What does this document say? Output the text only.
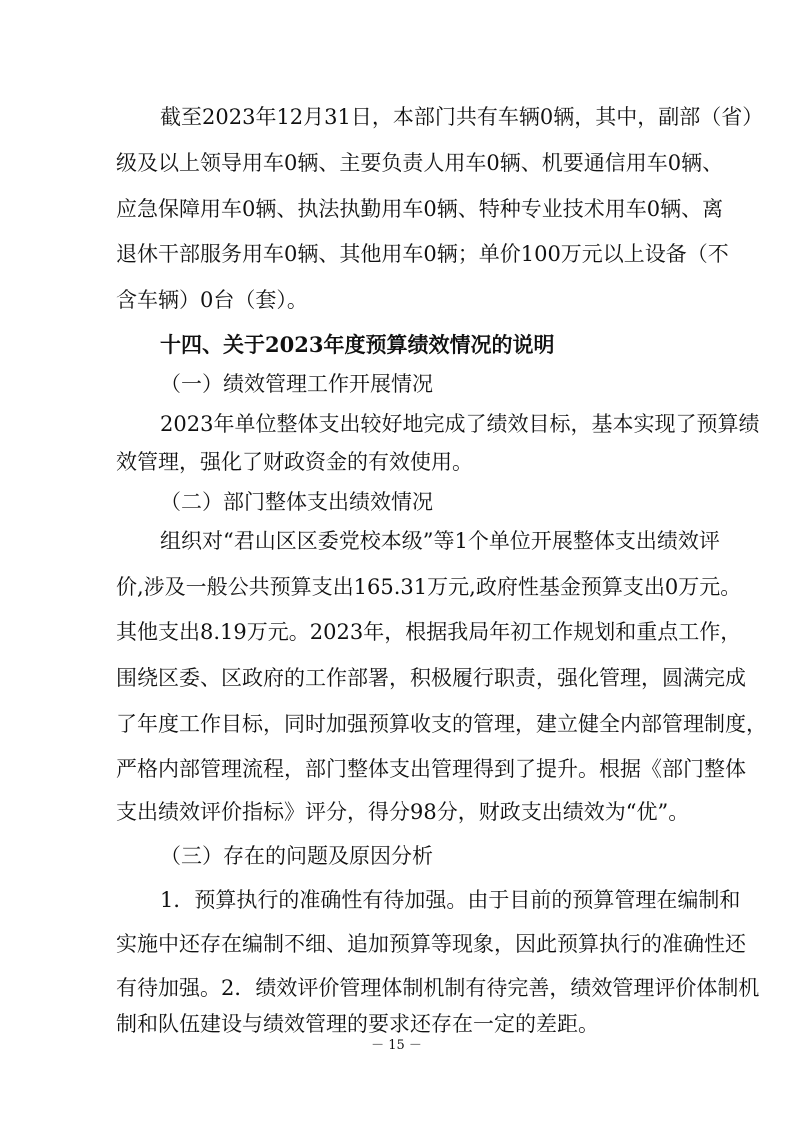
截至2023年12月31日，本部门共有车辆0辆，其中，副部（省）
级及以上领导用车0辆、主要负责人用车0辆、机要通信用车0辆、
应急保障用车0辆、执法执勤用车0辆、特种专业技术用车0辆、离
退休干部服务用车0辆、其他用车0辆；单价100万元以上设备（不
含车辆）0台（套）。
十四、关于2023年度预算绩效情况的说明
（一）绩效管理工作开展情况
2023年单位整体支出较好地完成了绩效目标，基本实现了预算绩
效管理，强化了财政资金的有效使用。
（二）部门整体支出绩效情况
组织对“君山区区委党校本级”等1个单位开展整体支出绩效评
价,涉及一般公共预算支出165.31万元,政府性基金预算支出0万元。
其他支出8.19万元。2023年，根据我局年初工作规划和重点工作，
围绕区委、区政府的工作部署，积极履行职责，强化管理，圆满完成
了年度工作目标，同时加强预算收支的管理，建立健全内部管理制度，
严格内部管理流程，部门整体支出管理得到了提升。根据《部门整体
支出绩效评价指标》评分，得分98分，财政支出绩效为“优”。
（三）存在的问题及原因分析
1．预算执行的准确性有待加强。由于目前的预算管理在编制和
实施中还存在编制不细、追加预算等现象，因此预算执行的准确性还
有待加强。2．绩效评价管理体制机制有待完善，绩效管理评价体制机
制和队伍建设与绩效管理的要求还存在一定的差距。
－ 15 －
